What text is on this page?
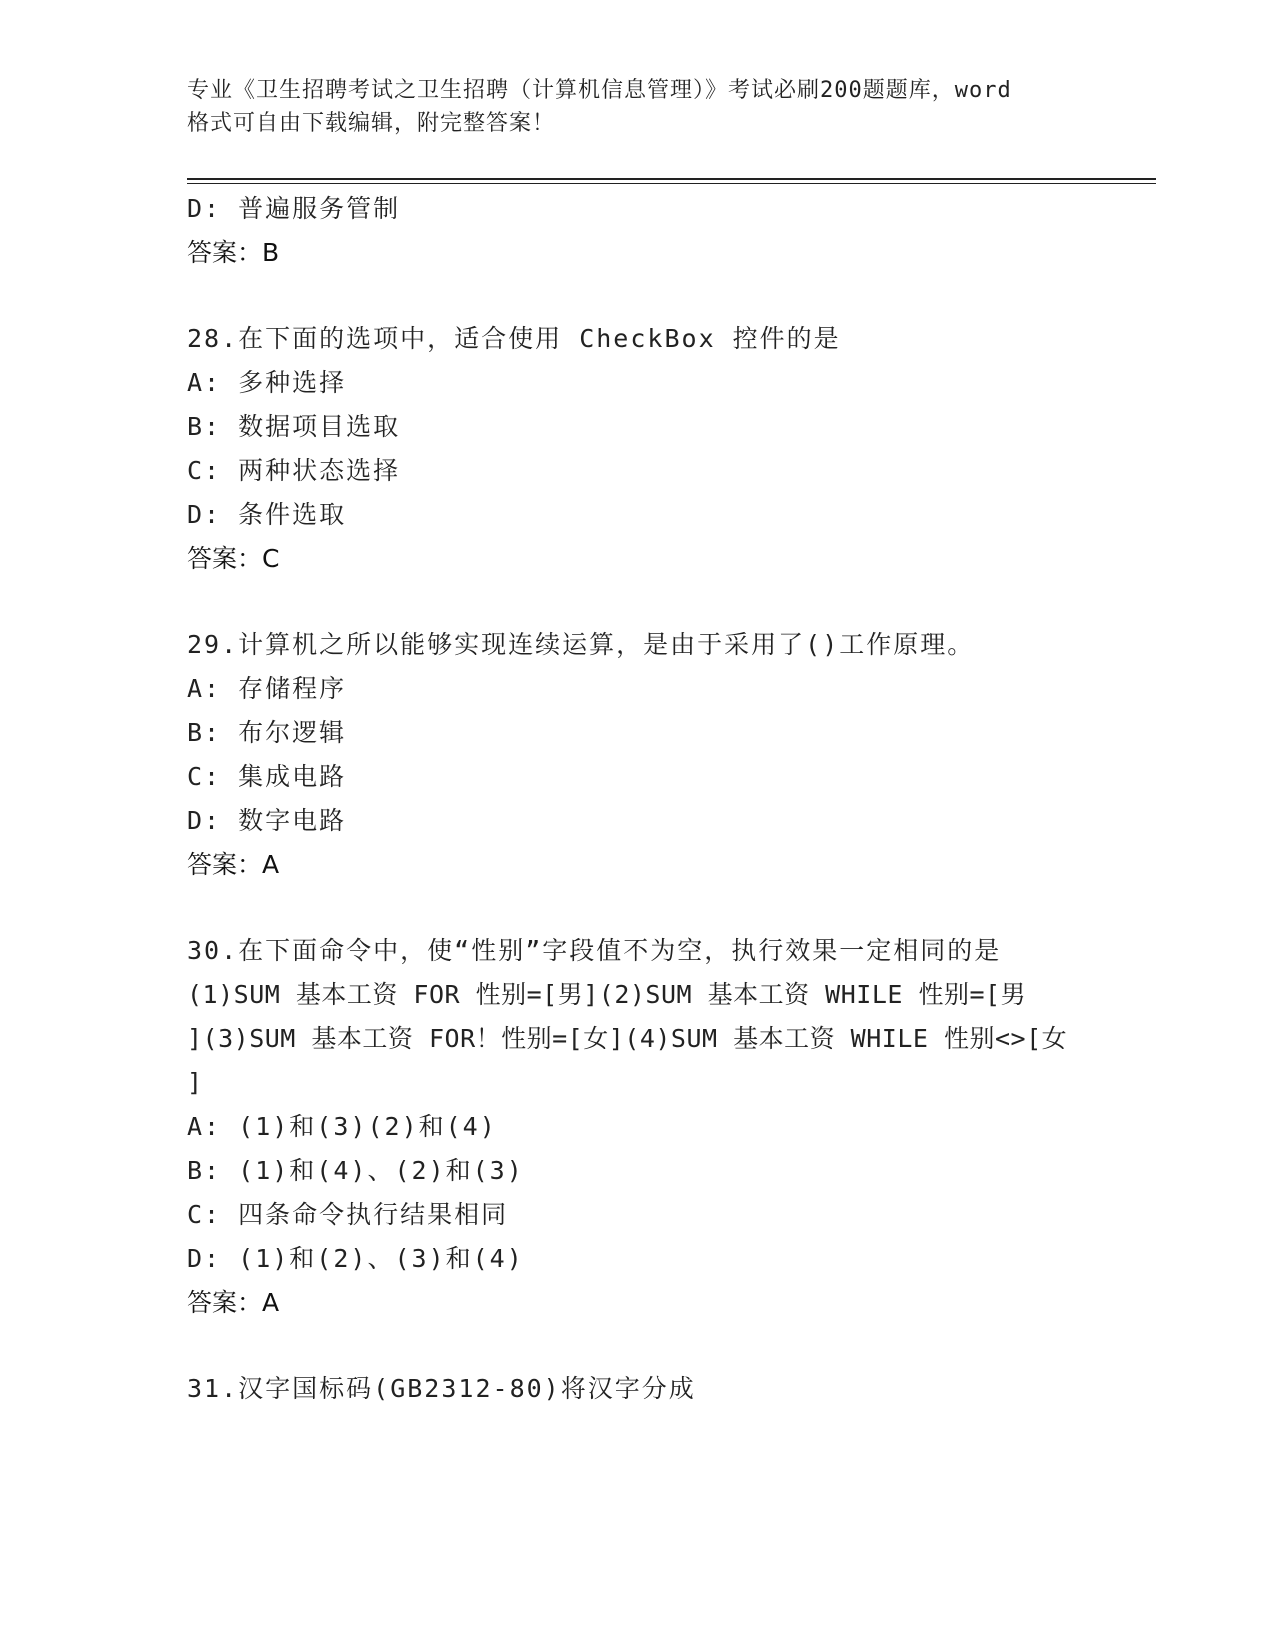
专业《卫生招聘考试之卫生招聘（计算机信息管理）》考试必刷200题题库，word
格式可自由下载编辑，附完整答案！
D: 普遍服务管制
答案：B
28.在下面的选项中，适合使用 CheckBox 控件的是
A: 多种选择
B: 数据项目选取
C: 两种状态选择
D: 条件选取
答案：C
29.计算机之所以能够实现连续运算，是由于采用了()工作原理。
A: 存储程序
B: 布尔逻辑
C: 集成电路
D: 数字电路
答案：A
30.在下面命令中，使“性别”字段值不为空，执行效果一定相同的是
(1)SUM 基本工资 FOR 性别=[男](2)SUM 基本工资 WHILE 性别=[男
](3)SUM 基本工资 FOR！性别=[女](4)SUM 基本工资 WHILE 性别<>[女
]
A: (1)和(3)(2)和(4)
B: (1)和(4)、(2)和(3)
C: 四条命令执行结果相同
D: (1)和(2)、(3)和(4)
答案：A
31.汉字国标码(GB2312-80)将汉字分成
